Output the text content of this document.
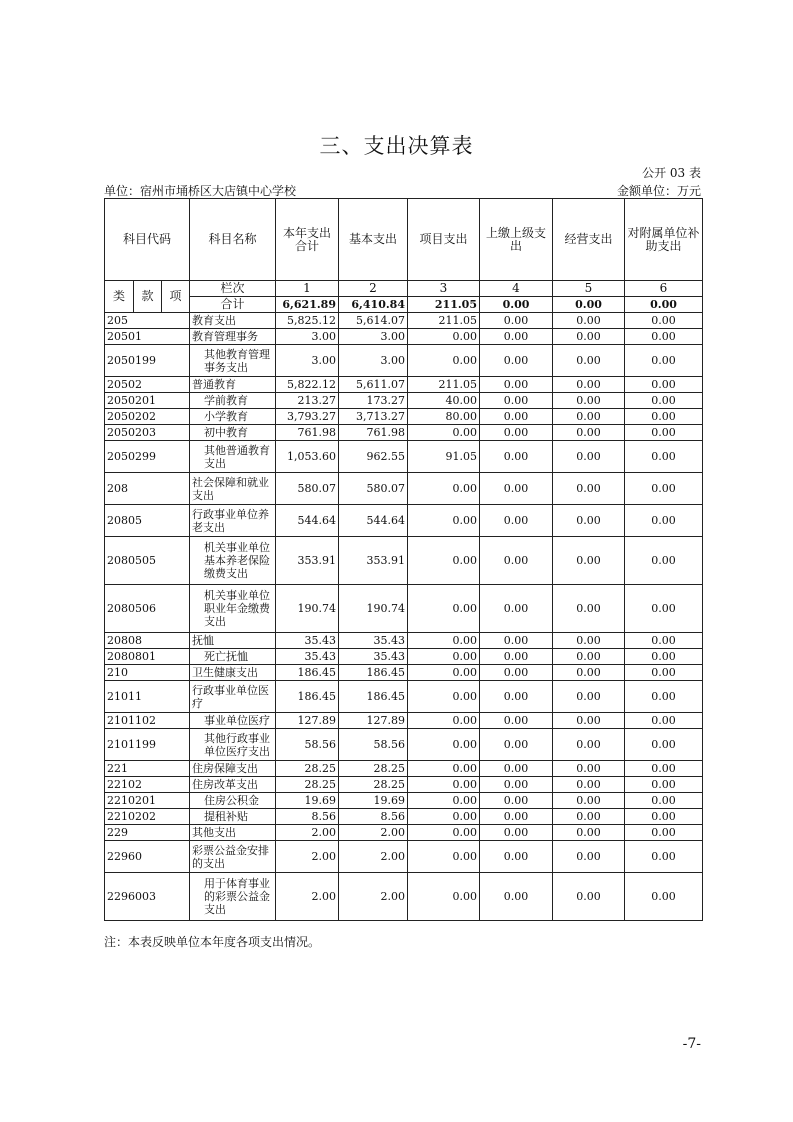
三、支出决算表
公开 03 表
单位：宿州市埇桥区大店镇中心学校	金额单位：万元
科目代码			科目名称	本年支出合计	基本支出	项目支出	上缴上级支出	经营支出	对附属单位补助支出
类	款	项	栏次	1	2	3	4	5	6
			合计	6,621.89	6,410.84	211.05	0.00	0.00	0.00
205			教育支出	5,825.12	5,614.07	211.05	0.00	0.00	0.00
20501			教育管理事务	3.00	3.00	0.00	0.00	0.00	0.00
2050199			其他教育管理事务支出	3.00	3.00	0.00	0.00	0.00	0.00
20502			普通教育	5,822.12	5,611.07	211.05	0.00	0.00	0.00
2050201			学前教育	213.27	173.27	40.00	0.00	0.00	0.00
2050202			小学教育	3,793.27	3,713.27	80.00	0.00	0.00	0.00
2050203			初中教育	761.98	761.98	0.00	0.00	0.00	0.00
2050299			其他普通教育支出	1,053.60	962.55	91.05	0.00	0.00	0.00
208			社会保障和就业支出	580.07	580.07	0.00	0.00	0.00	0.00
20805			行政事业单位养老支出	544.64	544.64	0.00	0.00	0.00	0.00
2080505			机关事业单位基本养老保险缴费支出	353.91	353.91	0.00	0.00	0.00	0.00
2080506			机关事业单位职业年金缴费支出	190.74	190.74	0.00	0.00	0.00	0.00
20808			抚恤	35.43	35.43	0.00	0.00	0.00	0.00
2080801			死亡抚恤	35.43	35.43	0.00	0.00	0.00	0.00
210			卫生健康支出	186.45	186.45	0.00	0.00	0.00	0.00
21011			行政事业单位医疗	186.45	186.45	0.00	0.00	0.00	0.00
2101102			事业单位医疗	127.89	127.89	0.00	0.00	0.00	0.00
2101199			其他行政事业单位医疗支出	58.56	58.56	0.00	0.00	0.00	0.00
221			住房保障支出	28.25	28.25	0.00	0.00	0.00	0.00
22102			住房改革支出	28.25	28.25	0.00	0.00	0.00	0.00
2210201			住房公积金	19.69	19.69	0.00	0.00	0.00	0.00
2210202			提租补贴	8.56	8.56	0.00	0.00	0.00	0.00
229			其他支出	2.00	2.00	0.00	0.00	0.00	0.00
22960			彩票公益金安排的支出	2.00	2.00	0.00	0.00	0.00	0.00
2296003			用于体育事业的彩票公益金支出	2.00	2.00	0.00	0.00	0.00	0.00
注：本表反映单位本年度各项支出情况。
-7-
